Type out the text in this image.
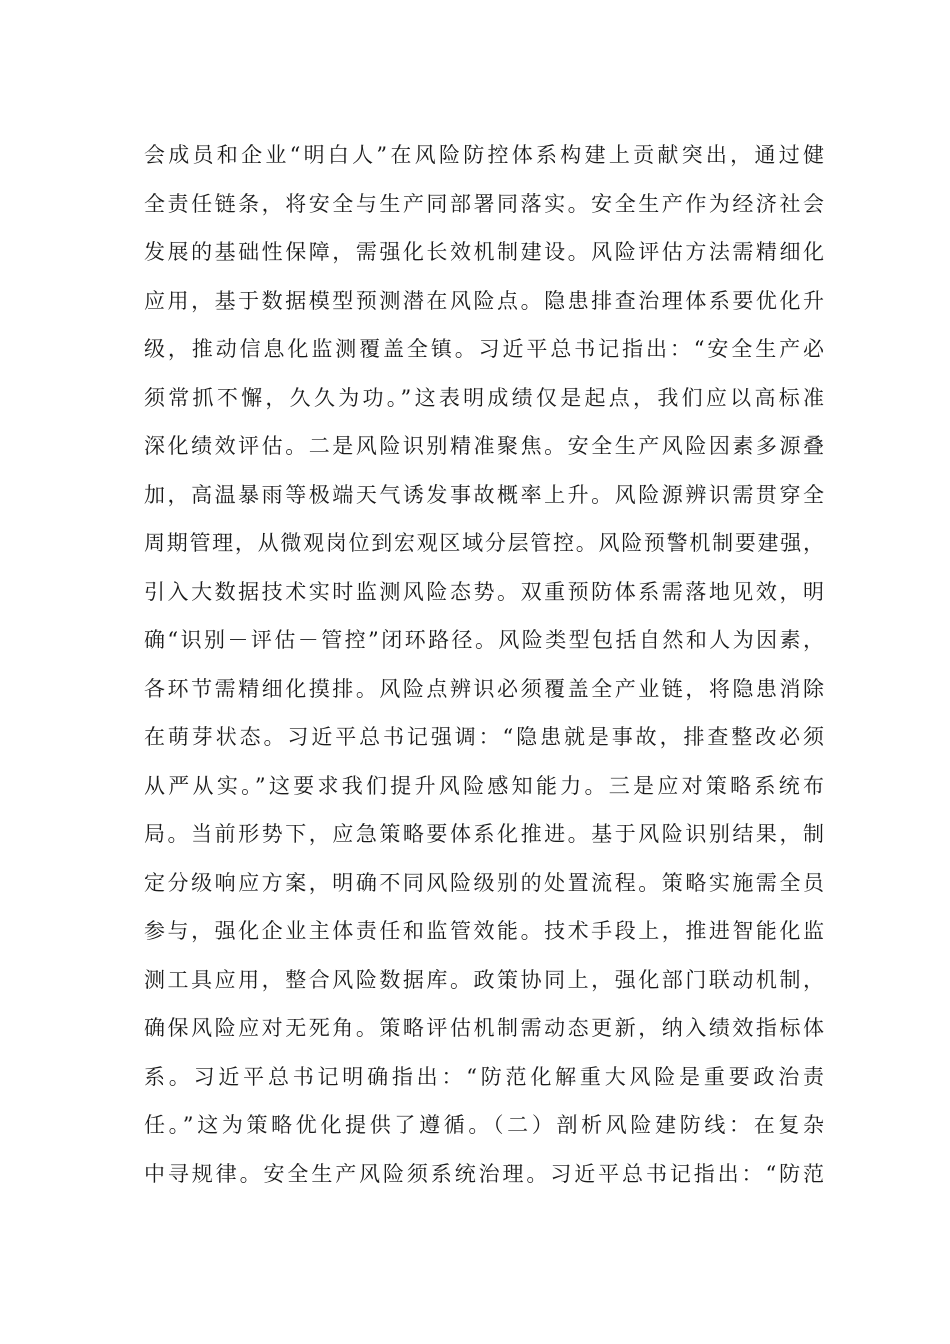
会成员和企业“明白人”在风险防控体系构建上贡献突出，通过健
全责任链条，将安全与生产同部署同落实。安全生产作为经济社会
发展的基础性保障，需强化长效机制建设。风险评估方法需精细化
应用，基于数据模型预测潜在风险点。隐患排查治理体系要优化升
级，推动信息化监测覆盖全镇。习近平总书记指出：“安全生产必
须常抓不懈，久久为功。”这表明成绩仅是起点，我们应以高标准
深化绩效评估。二是风险识别精准聚焦。安全生产风险因素多源叠
加，高温暴雨等极端天气诱发事故概率上升。风险源辨识需贯穿全
周期管理，从微观岗位到宏观区域分层管控。风险预警机制要建强，
引入大数据技术实时监测风险态势。双重预防体系需落地见效，明
确“识别－评估－管控”闭环路径。风险类型包括自然和人为因素，
各环节需精细化摸排。风险点辨识必须覆盖全产业链，将隐患消除
在萌芽状态。习近平总书记强调：“隐患就是事故，排查整改必须
从严从实。”这要求我们提升风险感知能力。三是应对策略系统布
局。当前形势下，应急策略要体系化推进。基于风险识别结果，制
定分级响应方案，明确不同风险级别的处置流程。策略实施需全员
参与，强化企业主体责任和监管效能。技术手段上，推进智能化监
测工具应用，整合风险数据库。政策协同上，强化部门联动机制，
确保风险应对无死角。策略评估机制需动态更新，纳入绩效指标体
系。习近平总书记明确指出：“防范化解重大风险是重要政治责
任。”这为策略优化提供了遵循。（二）剖析风险建防线：在复杂
中寻规律。安全生产风险须系统治理。习近平总书记指出：“防范
